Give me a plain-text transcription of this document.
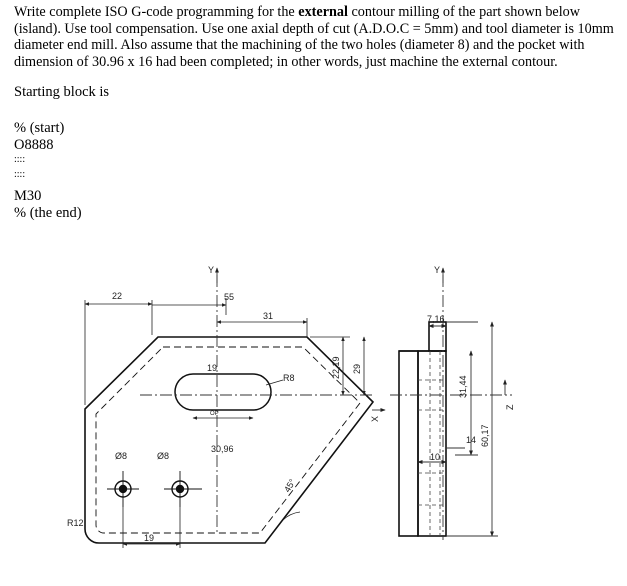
Write complete ISO G-code programming for the external contour milling of the part shown below (island). Use tool compensation. Use one axial depth of cut (A.D.O.C = 5mm) and tool diameter is 10mm diameter end mill. Also assume that the machining of the two holes (diameter 8) and the pocket with dimension of 30.96 x 16 had been completed; in other words, just machine the external contour.
Starting block is
% (start)
O8888
::::
::::
M30
% (the end)
22	55
31
19
R8	22,19 29
OP
30,96
Ø8	Ø8
19
R12
45°
7,16
31,44
60,17
14
10
Y	Y
X
Z
